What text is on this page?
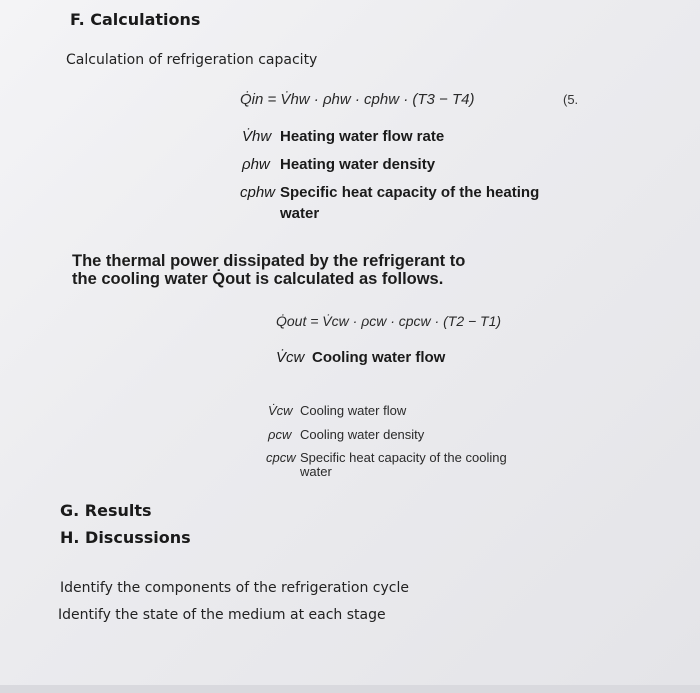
F. Calculations
Calculation of refrigeration capacity
Q̇in = V̇hw · ρhw · cphw · (T3 − T4)	(5.
V̇hw Heating water flow rate
ρhw Heating water density
cphw Specific heat capacity of the heating
water
The thermal power dissipated by the refrigerant to
the cooling water Q̇out is calculated as follows.
Q̇out = V̇cw · ρcw · cpcw · (T2 − T1)
V̇cw Cooling water flow
V̇cw Cooling water flow
ρcw Cooling water density
cpcw Specific heat capacity of the cooling
water
G. Results
H. Discussions
Identify the components of the refrigeration cycle
Identify the state of the medium at each stage
